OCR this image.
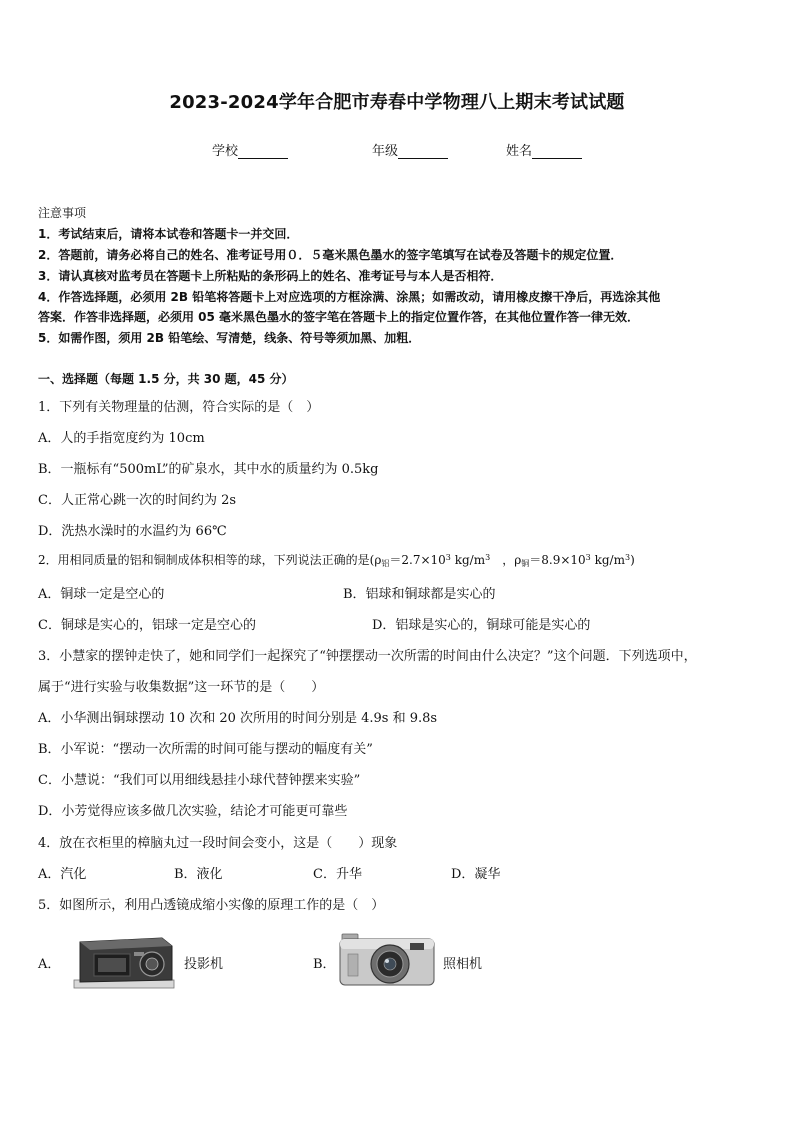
2023-2024学年合肥市寿春中学物理八上期末考试试题
学校	年级	姓名
注意事项
1．考试结束后，请将本试卷和答题卡一并交回．
2．答题前，请务必将自己的姓名、准考证号用０．５毫米黑色墨水的签字笔填写在试卷及答题卡的规定位置．
3．请认真核对监考员在答题卡上所粘贴的条形码上的姓名、准考证号与本人是否相符．
4．作答选择题，必须用 2B 铅笔将答题卡上对应选项的方框涂满、涂黑；如需改动，请用橡皮擦干净后，再选涂其他
答案．作答非选择题，必须用 05 毫米黑色墨水的签字笔在答题卡上的指定位置作答，在其他位置作答一律无效．
5．如需作图，须用 2B 铅笔绘、写清楚，线条、符号等须加黑、加粗．
一、选择题（每题 1.5 分，共 30 题，45 分）
1．下列有关物理量的估测，符合实际的是（　）
A．人的手指宽度约为 10cm
B．一瓶标有“500mL”的矿泉水，其中水的质量约为 0.5kg
C．人正常心跳一次的时间约为 2s
D．洗热水澡时的水温约为 66℃
2．用相同质量的铝和铜制成体积相等的球，下列说法正确的是($\rho_铝=2.7\times 10^3$ $kg/m^3$　，$\rho_铜=8.9\times 10^3$ $kg/m^3$)
A．铜球一定是空心的	B．铝球和铜球都是实心的
C．铜球是实心的，铝球一定是空心的	D．铝球是实心的，铜球可能是实心的
3．小慧家的摆钟走快了，她和同学们一起探究了“钟摆摆动一次所需的时间由什么决定？”这个问题．下列选项中，
属于“进行实验与收集数据”这一环节的是（　　）
A．小华测出铜球摆动 10 次和 20 次所用的时间分别是 4.9s 和 9.8s
B．小军说：“摆动一次所需的时间可能与摆动的幅度有关”
C．小慧说：“我们可以用细线悬挂小球代替钟摆来实验”
D．小芳觉得应该多做几次实验，结论才可能更可靠些
4．放在衣柜里的樟脑丸过一段时间会变小，这是（　　）现象
A．汽化	B．液化	C．升华	D．凝华
5．如图所示，利用凸透镜成缩小实像的原理工作的是（　）
A．	投影机	B．	照相机
